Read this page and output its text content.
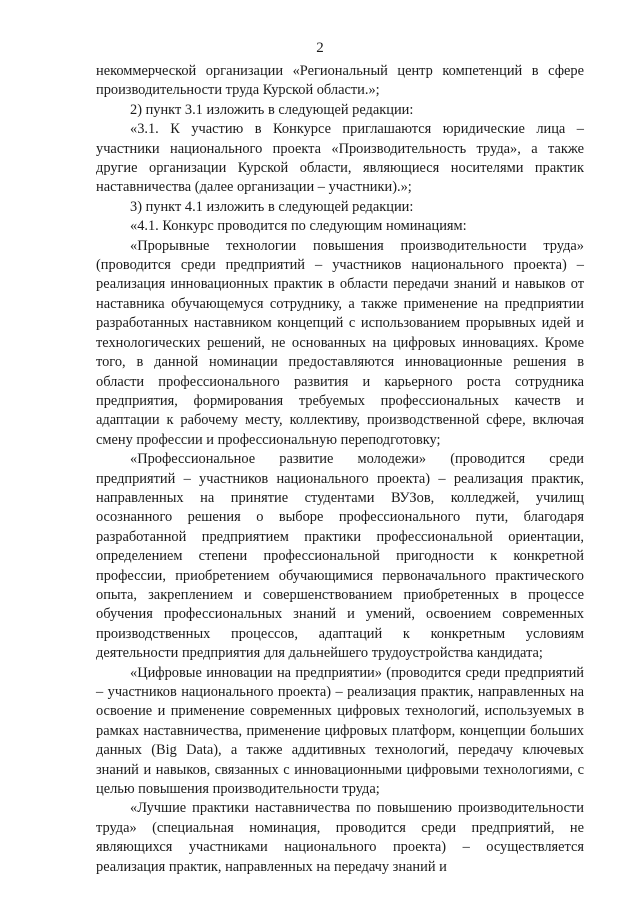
2

некоммерческой организации «Региональный центр компетенций в сфере производительности труда Курской области.»;

2) пункт 3.1 изложить в следующей редакции:

«3.1. К участию в Конкурсе приглашаются юридические лица – участники национального проекта «Производительность труда», а также другие организации Курской области, являющиеся носителями практик наставничества (далее организации – участники).»;

3) пункт 4.1 изложить в следующей редакции:

«4.1. Конкурс проводится по следующим номинациям:

«Прорывные технологии повышения производительности труда» (проводится среди предприятий – участников национального проекта) – реализация инновационных практик в области передачи знаний и навыков от наставника обучающемуся сотруднику, а также применение на предприятии разработанных наставником концепций с использованием прорывных идей и технологических решений, не основанных на цифровых инновациях. Кроме того, в данной номинации предоставляются инновационные решения в области профессионального развития и карьерного роста сотрудника предприятия, формирования требуемых профессиональных качеств и адаптации к рабочему месту, коллективу, производственной сфере, включая смену профессии и профессиональную переподготовку;

«Профессиональное развитие молодежи» (проводится среди предприятий – участников национального проекта) – реализация практик, направленных на принятие студентами ВУЗов, колледжей, училищ осознанного решения о выборе профессионального пути, благодаря разработанной предприятием практики профессиональной ориентации, определением степени профессиональной пригодности к конкретной профессии, приобретением обучающимися первоначального практического опыта, закреплением и совершенствованием приобретенных в процессе обучения профессиональных знаний и умений, освоением современных производственных процессов, адаптаций к конкретным условиям деятельности предприятия для дальнейшего трудоустройства кандидата;

«Цифровые инновации на предприятии» (проводится среди предприятий – участников национального проекта) – реализация практик, направленных на освоение и применение современных цифровых технологий, используемых в рамках наставничества, применение цифровых платформ, концепции больших данных (Big Data), а также аддитивных технологий, передачу ключевых знаний и навыков, связанных с инновационными цифровыми технологиями, с целью повышения производительности труда;

«Лучшие практики наставничества по повышению производительности труда» (специальная номинация, проводится среди предприятий, не являющихся участниками национального проекта) – осуществляется реализация практик, направленных на передачу знаний и
